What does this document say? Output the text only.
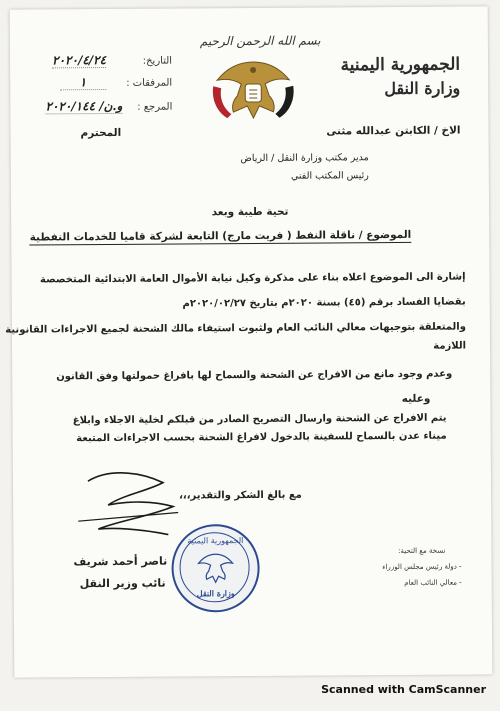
بسم الله الرحمن الرحيم
الجمهورية اليمنية
وزارة النقل
التاريخ:٢٠٢٠/٤/٢٤
المرفقات :١
المرجع :و.ن/ ٢٠٢٠/١٤٤
الاخ / الكابتن عبدالله مثنى
المحترم
مدير مكتب وزارة النقل / الرياض
رئيس المكتب الفني
تحية طيبة وبعد
الموضوع / ناقلة النفط ( فريت مارج) التابعة لشركة قاميا للخدمات النفطية
إشارة الى الموضوع اعلاه بناء على مذكرة وكيل نيابة الأموال العامة الابتدائية المتخصصة
بقضايا الفساد برقم (٤٥) بسنة ٢٠٢٠م بتاريخ ٢٠٢٠/٠٢/٢٧م
والمتعلقة بتوجيهات معالي النائب العام ولثبوت استيفاء مالك الشحنة لجميع الاجراءات القانونية
اللازمة
وعدم وجود مانع من الافراج عن الشحنة والسماح لها بافراغ حمولتها وفق القانون
وعليه
يتم الافراج عن الشحنة وارسال التصريح الصادر من قبلكم لخلية الاجلاء وابلاغ
ميناء عدن بالسماح للسفينة بالدخول لافراغ الشحنة بحسب الاجراءات المتبعة
مع بالغ الشكر والتقدير،،،
ناصر أحمد شريف
نائب وزير النقل
الجمهورية اليمنية
وزارة النقل
نسخة مع التحية:
- دولة رئيس مجلس الوزراء
- معالي النائب العام
Scanned with CamScanner
